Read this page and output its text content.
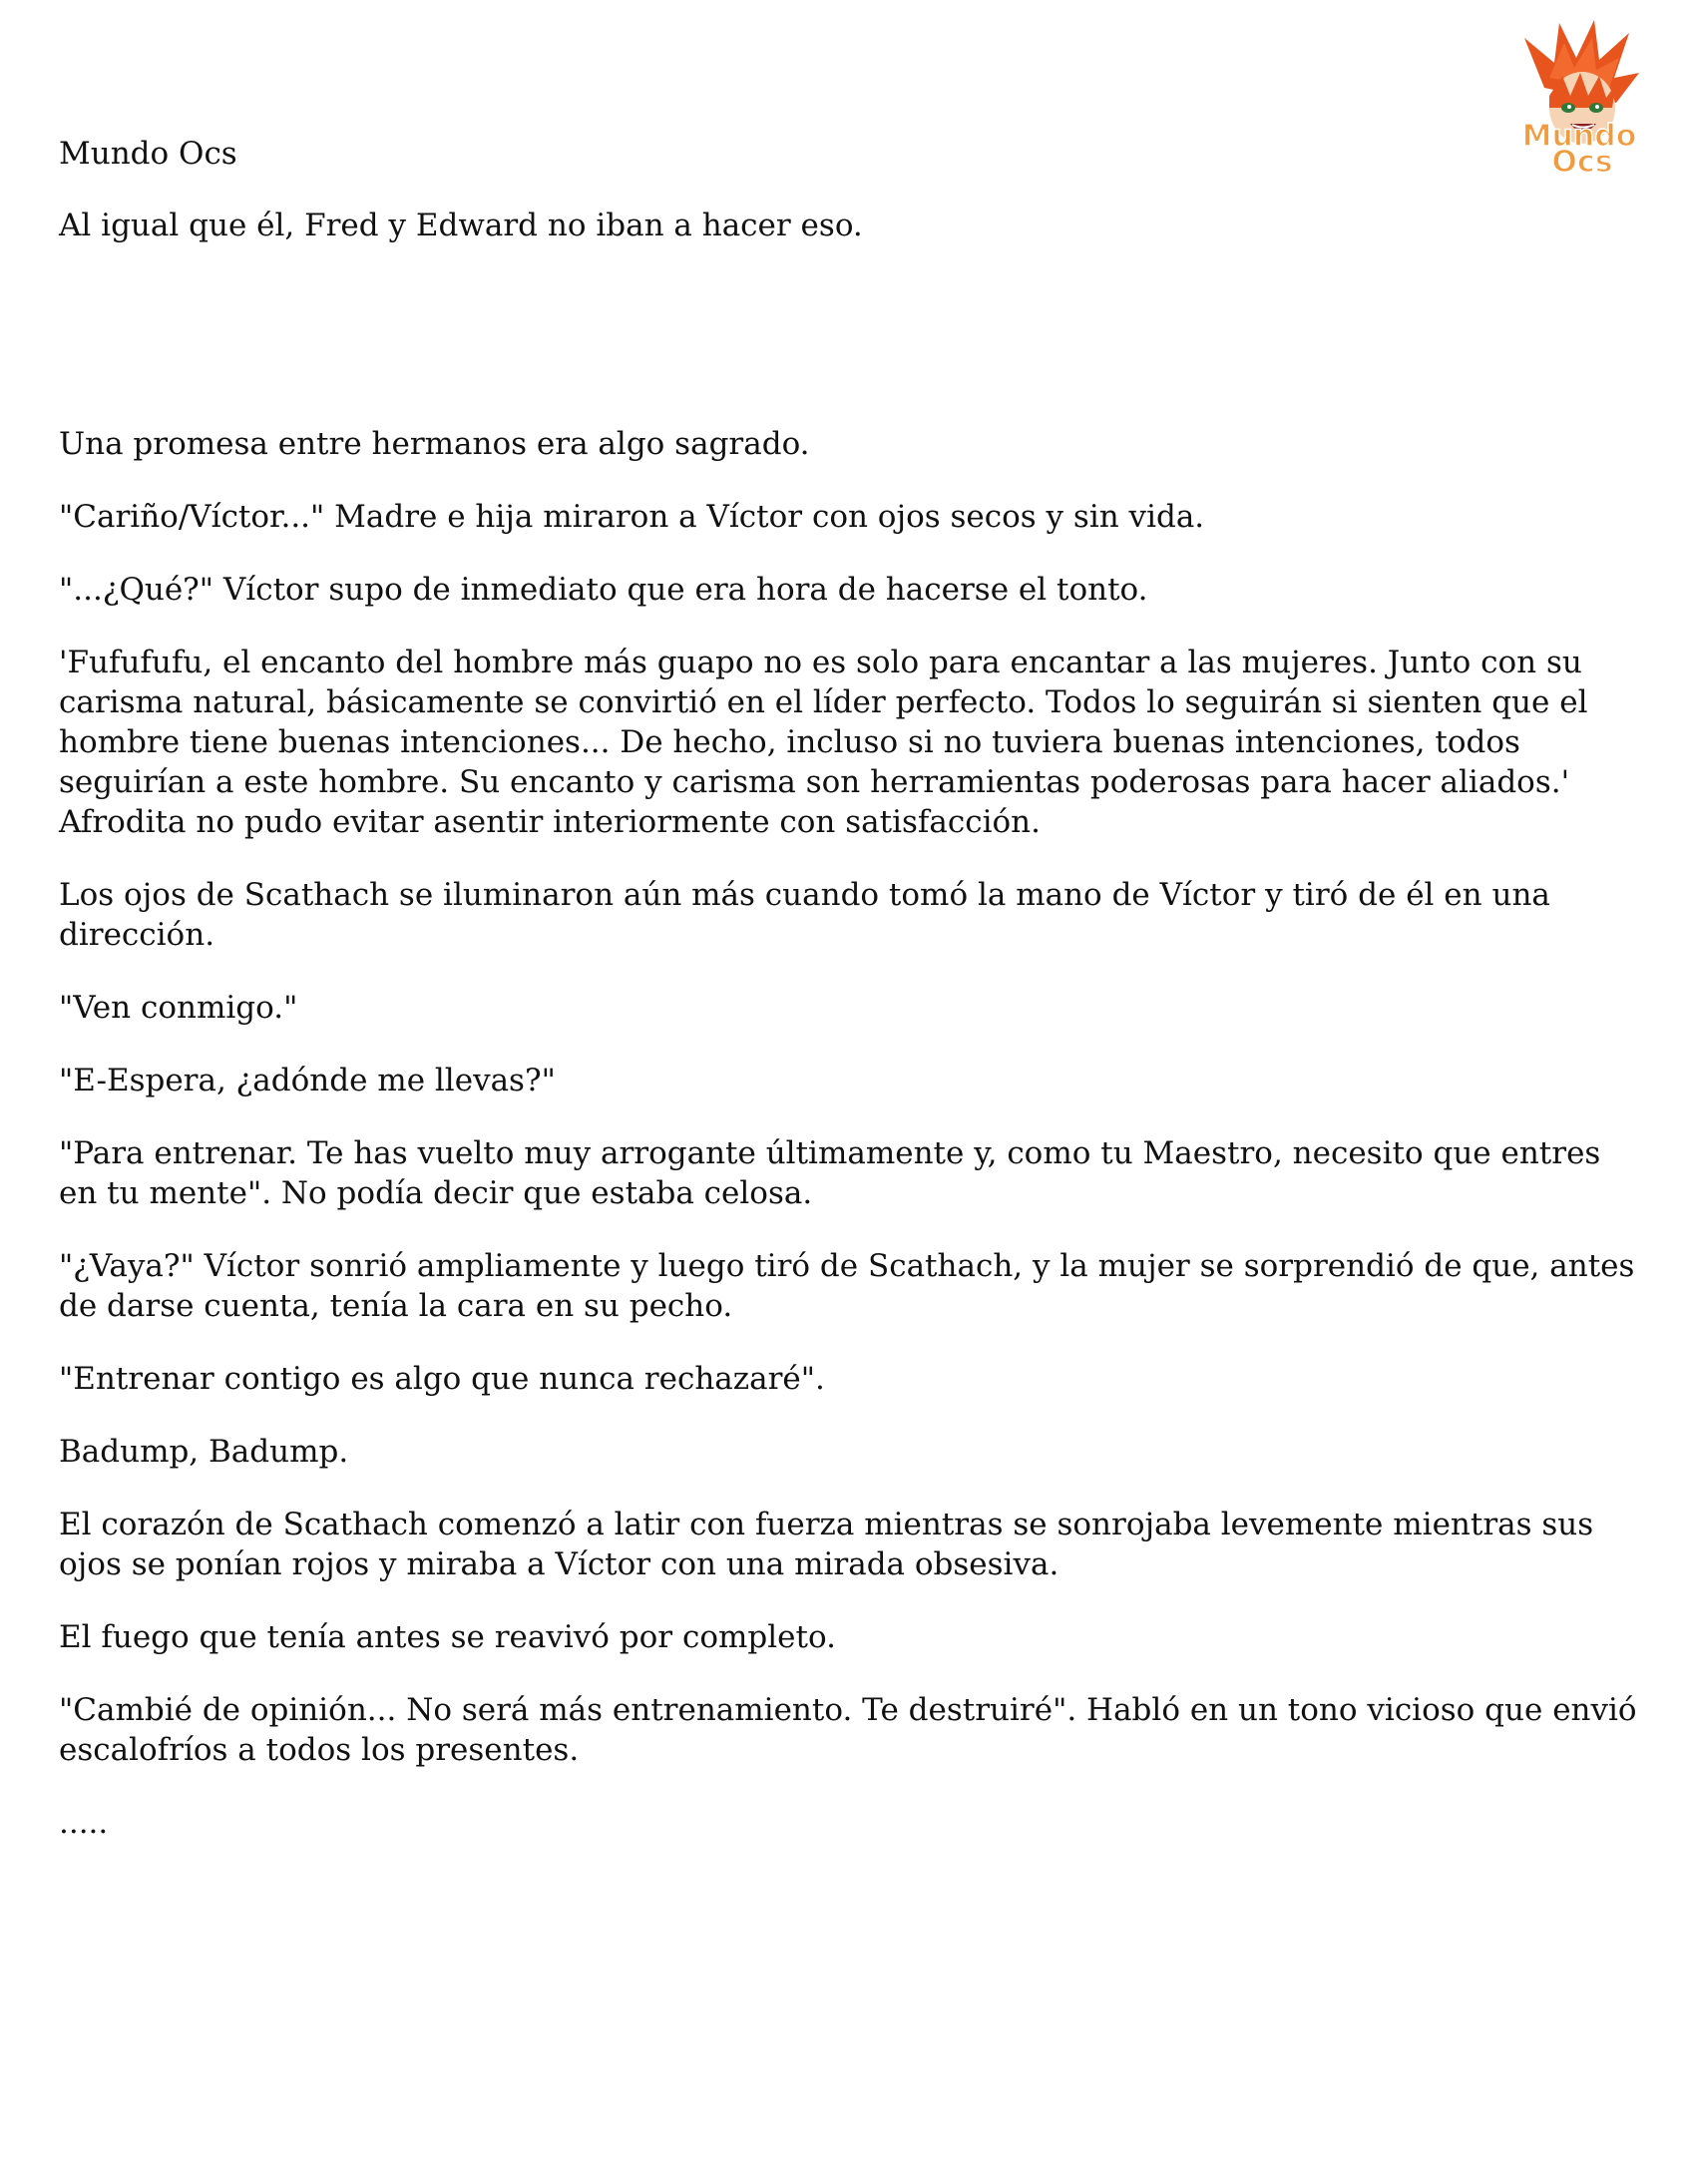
Mundo
Ocs

Mundo Ocs

Al igual que él, Fred y Edward no iban a hacer eso.

Una promesa entre hermanos era algo sagrado.

"Cariño/Víctor..." Madre e hija miraron a Víctor con ojos secos y sin vida.

"...¿Qué?" Víctor supo de inmediato que era hora de hacerse el tonto.

'Fufufufu, el encanto del hombre más guapo no es solo para encantar a las mujeres. Junto con su carisma natural, básicamente se convirtió en el líder perfecto. Todos lo seguirán si sienten que el hombre tiene buenas intenciones... De hecho, incluso si no tuviera buenas intenciones, todos seguirían a este hombre. Su encanto y carisma son herramientas poderosas para hacer aliados.' Afrodita no pudo evitar asentir interiormente con satisfacción.

Los ojos de Scathach se iluminaron aún más cuando tomó la mano de Víctor y tiró de él en una dirección.

"Ven conmigo."

"E-Espera, ¿adónde me llevas?"

"Para entrenar. Te has vuelto muy arrogante últimamente y, como tu Maestro, necesito que entres en tu mente". No podía decir que estaba celosa.

"¿Vaya?" Víctor sonrió ampliamente y luego tiró de Scathach, y la mujer se sorprendió de que, antes de darse cuenta, tenía la cara en su pecho.

"Entrenar contigo es algo que nunca rechazaré".

Badump, Badump.

El corazón de Scathach comenzó a latir con fuerza mientras se sonrojaba levemente mientras sus ojos se ponían rojos y miraba a Víctor con una mirada obsesiva.

El fuego que tenía antes se reavivó por completo.

"Cambié de opinión... No será más entrenamiento. Te destruiré". Habló en un tono vicioso que envió escalofríos a todos los presentes.

.....
